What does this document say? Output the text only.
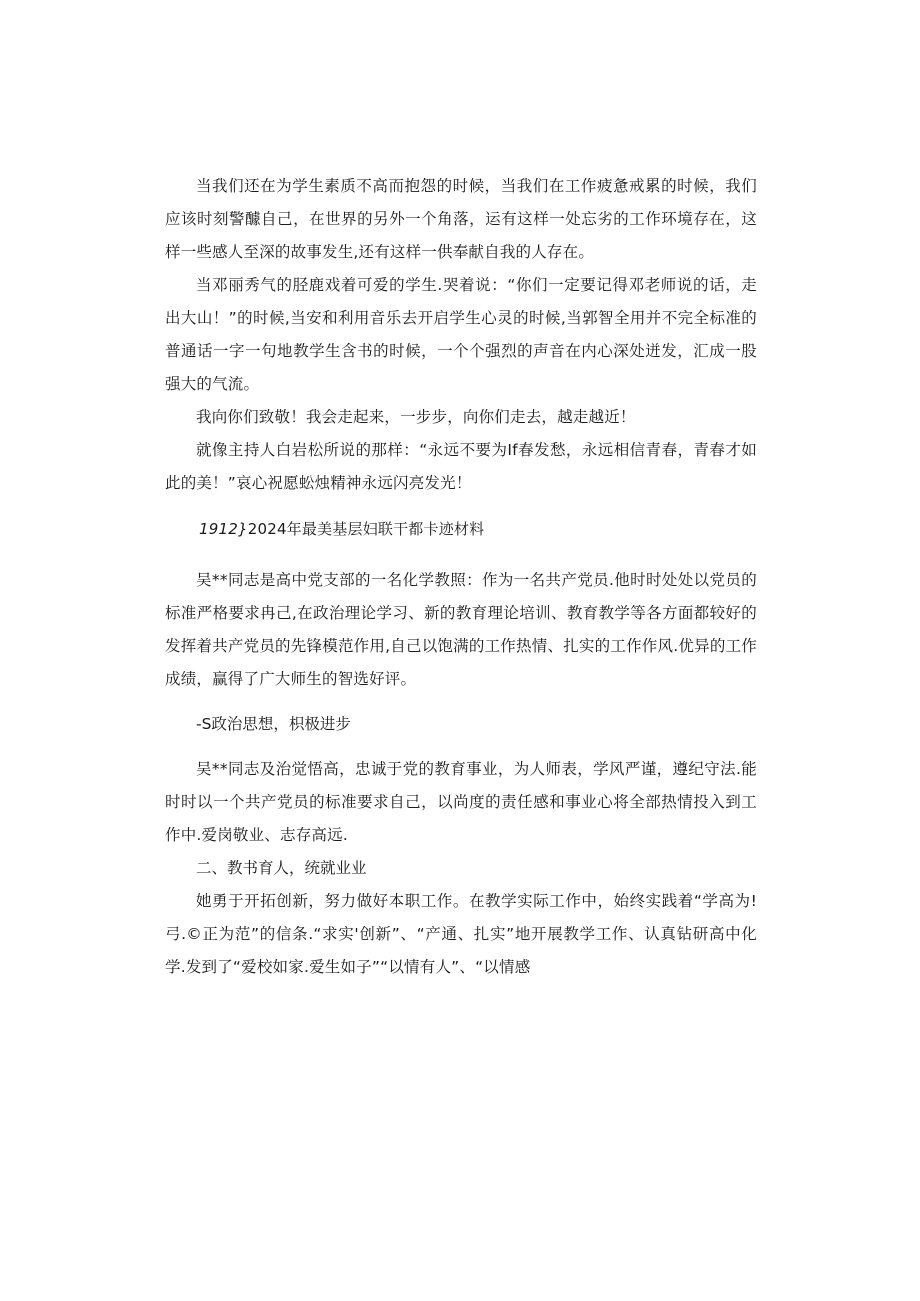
当我们还在为学生素质不高而抱怨的时候，当我们在工作疲惫戒累的时候，我们应该时刻警醵自己，在世界的另外一个角落，运有这样一处忘劣的工作环境存在，这样一些感人至深的故事发生,还有这样一供奉献自我的人存在。

当邓丽秀气的胫鹿戏着可爱的学生.哭着说：“你们一定要记得邓老师说的话，走出大山！”的时候,当安和利用音乐去开启学生心灵的时候,当郭智全用并不完全标准的普通话一字一句地教学生含书的时候，一个个强烈的声音在内心深处迸发，汇成一股强大的气流。

我向你们致敬！我会走起来，一步步，向你们走去，越走越近！

就像主持人白岩松所说的那样：“永远不要为If春发愁，永远相信青春，青春才如此的美！”哀心祝愿蚣烛精神永远闪亮发光！

1912}2024年最美基层妇联干都卡迹材料

吴**同志是高中党支部的一名化学教照：作为一名共产党员.他时时处处以党员的标准严格要求冉己,在政治理论学习、新的教育理论培训、教育教学等各方面都较好的发挥着共产党员的先锋模范作用,自己以饱满的工作热情、扎实的工作作风.优异的工作成绩，赢得了广大师生的智选好评。

-S政治思想，枳极进步

吴**同志及治觉悟高，忠诚于党的教育事业，为人师表，学风严谨，遵纪守法.能时时以一个共产党员的标准要求自己，以尚度的责任感和事业心将全部热情投入到工作中.爱岗敬业、志存高远.

二、教书育人，统就业业

她勇于开拓创新，努力做好本职工作。在教学实际工作中，始终实践着“学高为!弓.©正为范”的信条.“求实'创新”、“产通、扎实”地开展教学工作、认真钻研高中化学.发到了“爱校如家.爱生如子”“以情有人”、“以情感
